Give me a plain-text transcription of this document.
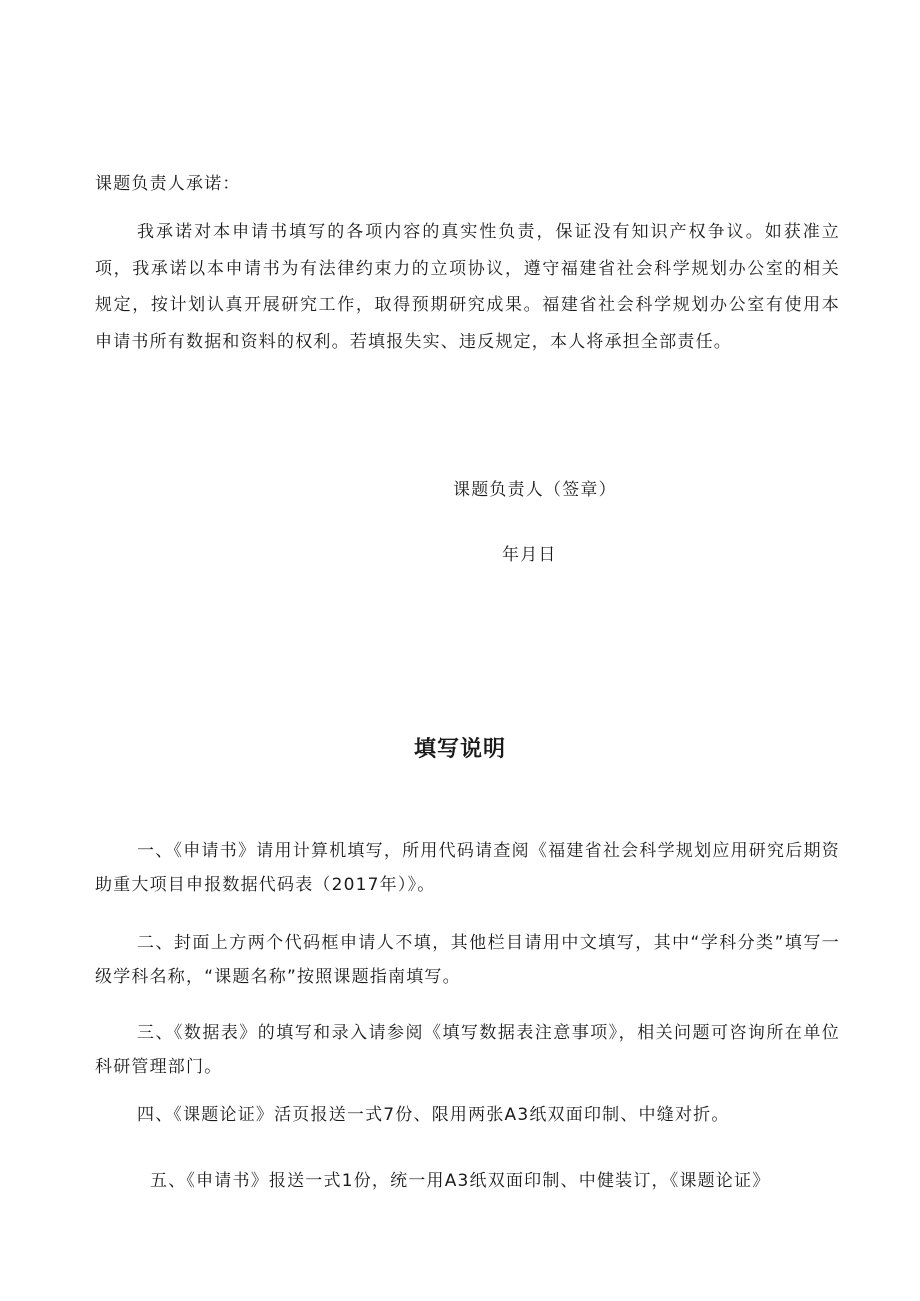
课题负责人承诺：

我承诺对本申请书填写的各项内容的真实性负责，保证没有知识产权争议。如获准立项，我承诺以本申请书为有法律约束力的立项协议，遵守福建省社会科学规划办公室的相关规定，按计划认真开展研究工作，取得预期研究成果。福建省社会科学规划办公室有使用本申请书所有数据和资料的权利。若填报失实、违反规定，本人将承担全部责任。

课题负责人（签章）

年月日

填写说明

一、《申请书》请用计算机填写，所用代码请查阅《福建省社会科学规划应用研究后期资助重大项目申报数据代码表（2017年）》。

二、封面上方两个代码框申请人不填，其他栏目请用中文填写，其中“学科分类”填写一级学科名称，“课题名称”按照课题指南填写。

三、《数据表》的填写和录入请参阅《填写数据表注意事项》，相关问题可咨询所在单位科研管理部门。

四、《课题论证》活页报送一式7份、限用两张A3纸双面印制、中缝对折。

五、《申请书》报送一式1份，统一用A3纸双面印制、中健装订，《课题论证》
